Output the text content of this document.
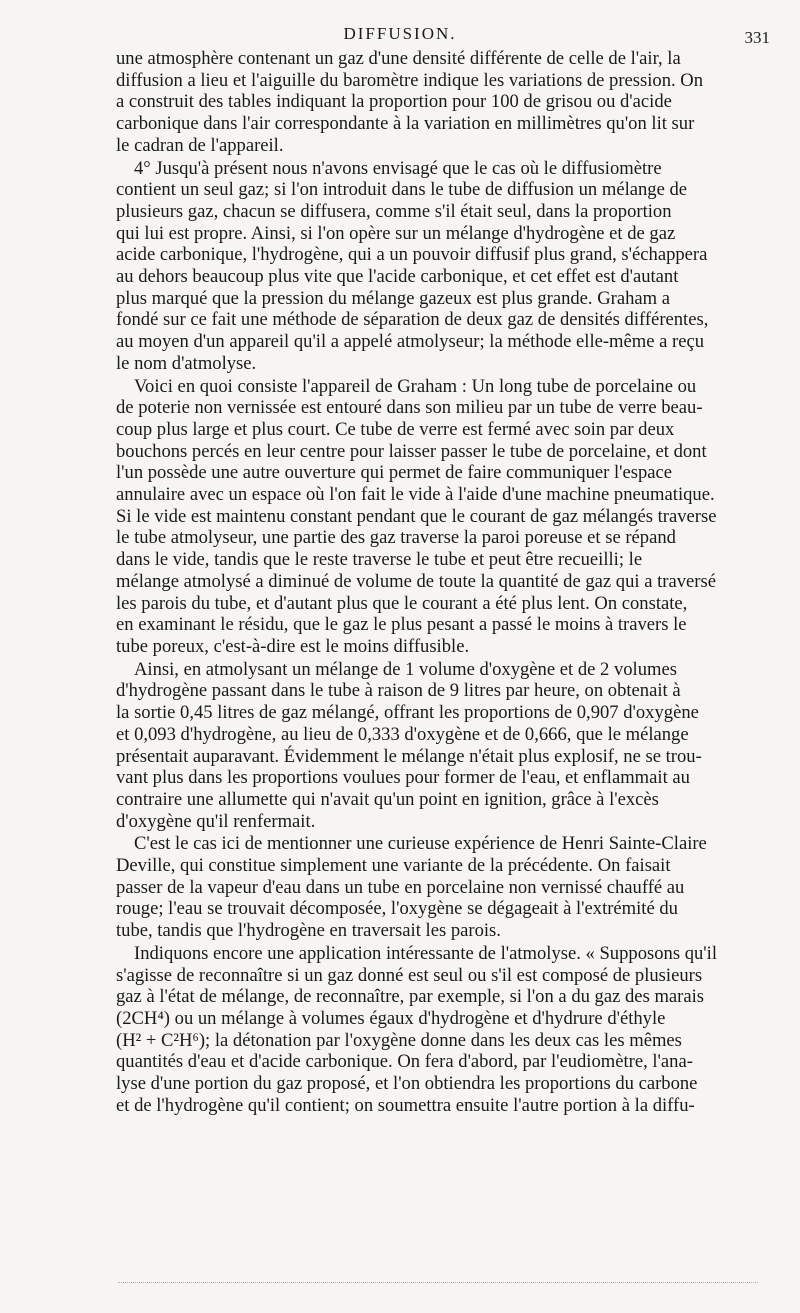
DIFFUSION.	331

une atmosphère contenant un gaz d'une densité différente de celle de l'air, la
diffusion a lieu et l'aiguille du baromètre indique les variations de pression. On
a construit des tables indiquant la proportion pour 100 de grisou ou d'acide
carbonique dans l'air correspondante à la variation en millimètres qu'on lit sur
le cadran de l'appareil.

4° Jusqu'à présent nous n'avons envisagé que le cas où le diffusiomètre
contient un seul gaz; si l'on introduit dans le tube de diffusion un mélange de
plusieurs gaz, chacun se diffusera, comme s'il était seul, dans la proportion
qui lui est propre. Ainsi, si l'on opère sur un mélange d'hydrogène et de gaz
acide carbonique, l'hydrogène, qui a un pouvoir diffusif plus grand, s'échappera
au dehors beaucoup plus vite que l'acide carbonique, et cet effet est d'autant
plus marqué que la pression du mélange gazeux est plus grande. Graham a
fondé sur ce fait une méthode de séparation de deux gaz de densités différentes,
au moyen d'un appareil qu'il a appelé atmolyseur; la méthode elle-même a reçu
le nom d'atmolyse.

Voici en quoi consiste l'appareil de Graham : Un long tube de porcelaine ou
de poterie non vernissée est entouré dans son milieu par un tube de verre beau-
coup plus large et plus court. Ce tube de verre est fermé avec soin par deux
bouchons percés en leur centre pour laisser passer le tube de porcelaine, et dont
l'un possède une autre ouverture qui permet de faire communiquer l'espace
annulaire avec un espace où l'on fait le vide à l'aide d'une machine pneumatique.
Si le vide est maintenu constant pendant que le courant de gaz mélangés traverse
le tube atmolyseur, une partie des gaz traverse la paroi poreuse et se répand
dans le vide, tandis que le reste traverse le tube et peut être recueilli; le
mélange atmolysé a diminué de volume de toute la quantité de gaz qui a traversé
les parois du tube, et d'autant plus que le courant a été plus lent. On constate,
en examinant le résidu, que le gaz le plus pesant a passé le moins à travers le
tube poreux, c'est-à-dire est le moins diffusible.

Ainsi, en atmolysant un mélange de 1 volume d'oxygène et de 2 volumes
d'hydrogène passant dans le tube à raison de 9 litres par heure, on obtenait à
la sortie 0,45 litres de gaz mélangé, offrant les proportions de 0,907 d'oxygène
et 0,093 d'hydrogène, au lieu de 0,333 d'oxygène et de 0,666, que le mélange
présentait auparavant. Évidemment le mélange n'était plus explosif, ne se trou-
vant plus dans les proportions voulues pour former de l'eau, et enflammait au
contraire une allumette qui n'avait qu'un point en ignition, grâce à l'excès
d'oxygène qu'il renfermait.

C'est le cas ici de mentionner une curieuse expérience de Henri Sainte-Claire
Deville, qui constitue simplement une variante de la précédente. On faisait
passer de la vapeur d'eau dans un tube en porcelaine non vernissé chauffé au
rouge; l'eau se trouvait décomposée, l'oxygène se dégageait à l'extrémité du
tube, tandis que l'hydrogène en traversait les parois.

Indiquons encore une application intéressante de l'atmolyse. « Supposons qu'il
s'agisse de reconnaître si un gaz donné est seul ou s'il est composé de plusieurs
gaz à l'état de mélange, de reconnaître, par exemple, si l'on a du gaz des marais
(2CH⁴) ou un mélange à volumes égaux d'hydrogène et d'hydrure d'éthyle
(H² + C²H⁶); la détonation par l'oxygène donne dans les deux cas les mêmes
quantités d'eau et d'acide carbonique. On fera d'abord, par l'eudiomètre, l'ana-
lyse d'une portion du gaz proposé, et l'on obtiendra les proportions du carbone
et de l'hydrogène qu'il contient; on soumettra ensuite l'autre portion à la diffu-
